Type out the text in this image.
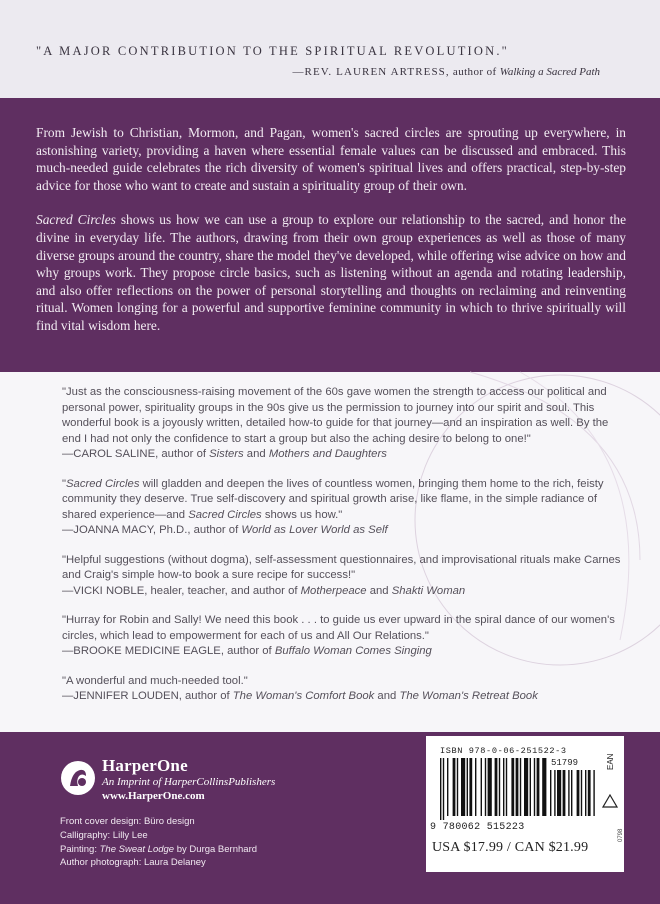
"A MAJOR CONTRIBUTION TO THE SPIRITUAL REVOLUTION."
—REV. LAUREN ARTRESS, author of Walking a Sacred Path

From Jewish to Christian, Mormon, and Pagan, women's sacred circles are sprouting up everywhere, in astonishing variety, providing a haven where essential female values can be discussed and embraced. This much-needed guide celebrates the rich diversity of women's spiritual lives and offers practical, step-by-step advice for those who want to create and sustain a spirituality group of their own.

Sacred Circles shows us how we can use a group to explore our relationship to the sacred, and honor the divine in everyday life. The authors, drawing from their own group experiences as well as those of many diverse groups around the country, share the model they've developed, while offering wise advice on how and why groups work. They propose circle basics, such as listening without an agenda and rotating leadership, and also offer reflections on the power of personal storytelling and thoughts on reclaiming and reinventing ritual. Women longing for a powerful and supportive feminine community in which to thrive spiritually will find vital wisdom here.

"Just as the consciousness-raising movement of the 60s gave women the strength to access our political and personal power, spirituality groups in the 90s give us the permission to journey into our spirit and soul. This wonderful book is a joyously written, detailed how-to guide for that journey—and an inspiration as well. By the end I had not only the confidence to start a group but also the aching desire to belong to one!"
—CAROL SALINE, author of Sisters and Mothers and Daughters
"Sacred Circles will gladden and deepen the lives of countless women, bringing them home to the rich, feisty community they deserve. True self-discovery and spiritual growth arise, like flame, in the simple radiance of shared experience—and Sacred Circles shows us how."
—JOANNA MACY, Ph.D., author of World as Lover World as Self
"Helpful suggestions (without dogma), self-assessment questionnaires, and improvisational rituals make Carnes and Craig's simple how-to book a sure recipe for success!"
—VICKI NOBLE, healer, teacher, and author of Motherpeace and Shakti Woman
"Hurray for Robin and Sally! We need this book . . . to guide us ever upward in the spiral dance of our women's circles, which lead to empowerment for each of us and All Our Relations."
—BROOKE MEDICINE EAGLE, author of Buffalo Woman Comes Singing
"A wonderful and much-needed tool."
—JENNIFER LOUDEN, author of The Woman's Comfort Book and The Woman's Retreat Book
HarperOne
An Imprint of HarperCollinsPublishers
www.HarperOne.com
Front cover design: Büro design
Calligraphy: Lilly Lee
Painting: The Sweat Lodge by Durga Bernhard
Author photograph: Laura Delaney
ISBN 978-0-06-251522-3
51799	EAN
9 780062 515223
USA $17.99 / CAN $21.99
0798
